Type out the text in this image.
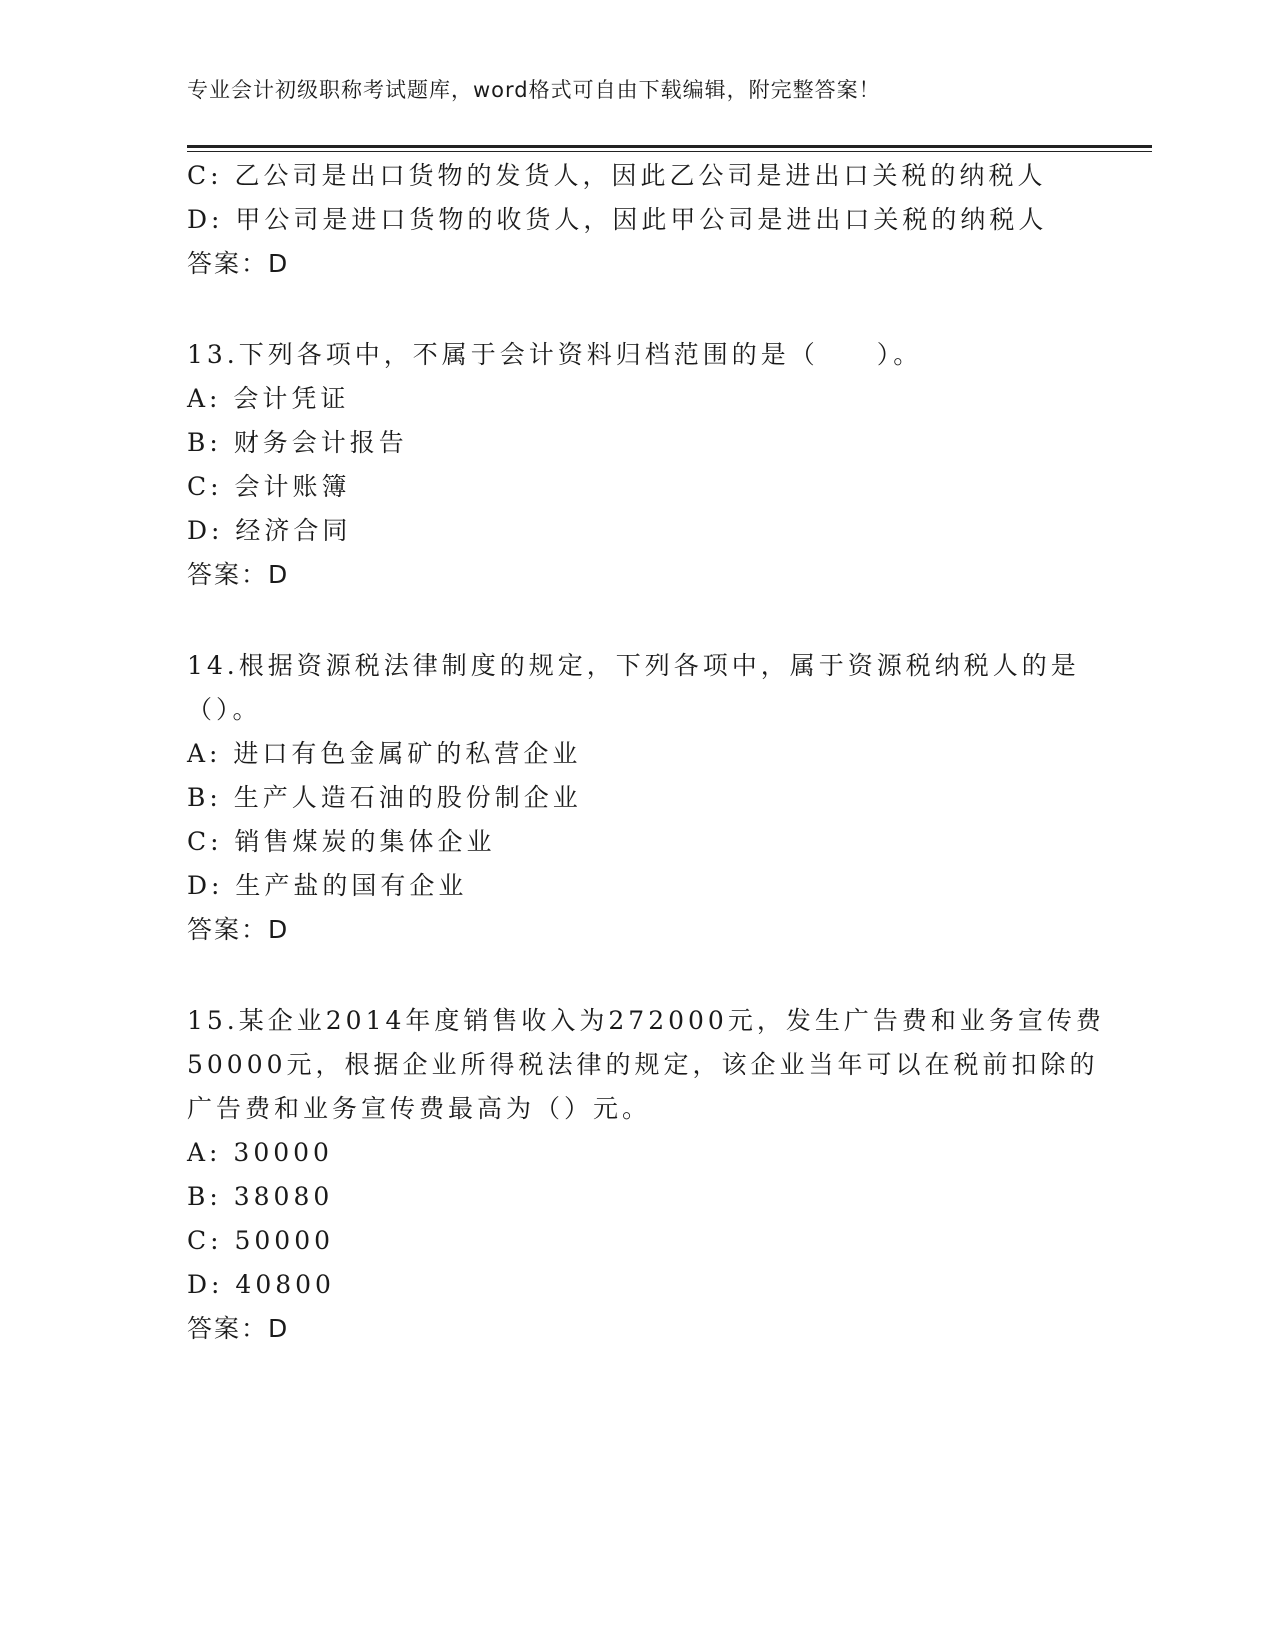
专业会计初级职称考试题库，word格式可自由下载编辑，附完整答案！
C: 乙公司是出口货物的发货人，因此乙公司是进出口关税的纳税人
D: 甲公司是进口货物的收货人，因此甲公司是进出口关税的纳税人
答案：D
13.下列各项中，不属于会计资料归档范围的是（　　）。
A: 会计凭证
B: 财务会计报告
C: 会计账簿
D: 经济合同
答案：D
14.根据资源税法律制度的规定，下列各项中，属于资源税纳税人的是
（）。
A: 进口有色金属矿的私营企业
B: 生产人造石油的股份制企业
C: 销售煤炭的集体企业
D: 生产盐的国有企业
答案：D
15.某企业2014年度销售收入为272000元，发生广告费和业务宣传费
50000元，根据企业所得税法律的规定，该企业当年可以在税前扣除的
广告费和业务宣传费最高为（）元。
A: 30000
B: 38080
C: 50000
D: 40800
答案：D
